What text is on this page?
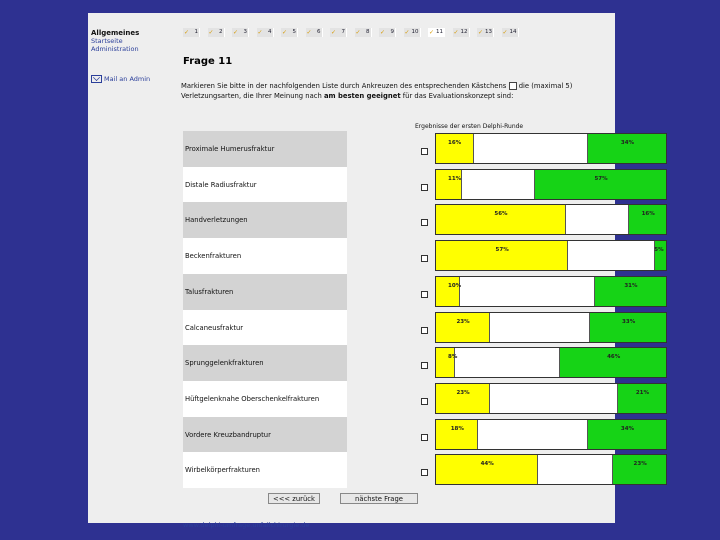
Allgemeines
Startseite
Administration
Mail an Admin
✓ 1	✓ 2	✓ 3	✓ 4	✓ 5	✓ 6	✓ 7	✓ 8	✓ 9	✓ 10	✓ 11	✓ 12	✓ 13	✓ 14
Frage 11
Markieren Sie bitte in der nachfolgenden Liste durch Ankreuzen des entsprechenden Kästchens die (maximal 5) Verletzungsarten, die Ihrer Meinung nach am besten geeignet für das Evaluationskonzept sind:
Ergebnisse der ersten Delphi-Runde
Proximale Humerusfraktur
16%	34%
Distale Radiusfraktur
11%	57%
Handverletzungen
56%	16%
Beckenfrakturen
57%	5%
Talusfrakturen
10%	31%
Calcaneusfraktur
23%	33%
Sprunggelenkfrakturen
8%	46%
Hüftgelenknahe Oberschenkelfrakturen
23%	21%
Vordere Kreuzbandruptur
18%	34%
Wirbelkörperfrakturen
44%	23%
<<< zurück	nächste Frage
www.delphi-umfrage.unfallchirurgie.de
